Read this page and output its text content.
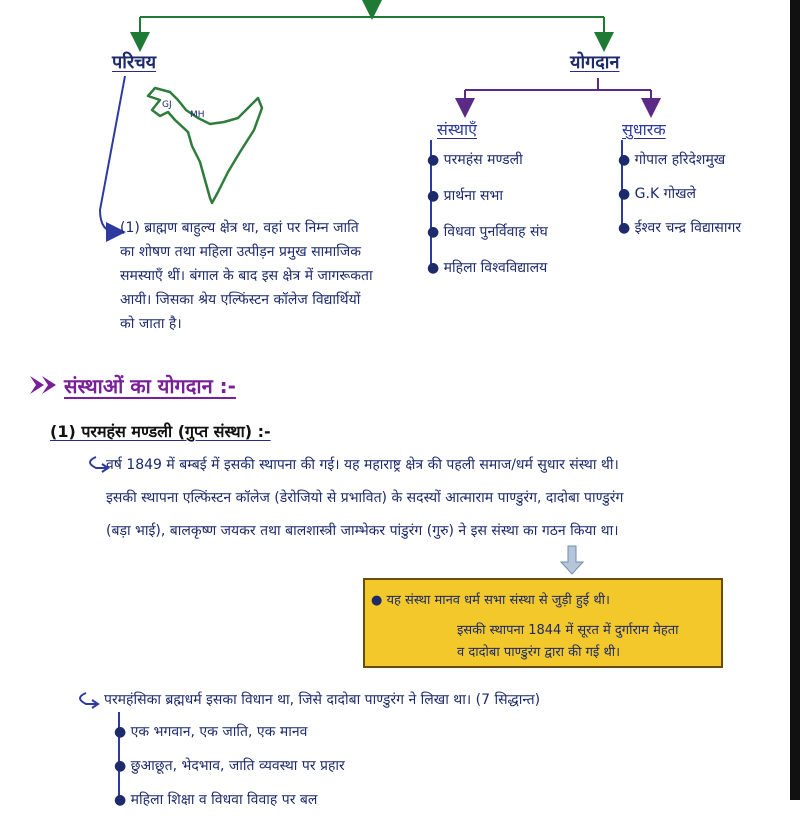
परिचय
GJ
MH
(1) ब्राह्मण बाहुल्य क्षेत्र था, वहां पर निम्न जाति
का शोषण तथा महिला उत्पीड़न प्रमुख सामाजिक
समस्याएँ थीं। बंगाल के बाद इस क्षेत्र में जागरूकता
आयी। जिसका श्रेय एल्फिंस्टन कॉलेज विद्यार्थियों
को जाता है।
योगदान
संस्थाएँ	सुधारक
● परमहंस मण्डली
● प्रार्थना सभा
● विधवा पुनर्विवाह संघ
● महिला विश्वविद्यालय
● गोपाल हरिदेशमुख
● G.K गोखले
● ईश्वर चन्द्र विद्यासागर
संस्थाओं का योगदान :-
(1) परमहंस मण्डली (गुप्त संस्था) :-
वर्ष 1849 में बम्बई में इसकी स्थापना की गई। यह महाराष्ट्र क्षेत्र की पहली समाज/धर्म सुधार संस्था थी।
इसकी स्थापना एल्फिंस्टन कॉलेज (डेरोजियो से प्रभावित) के सदस्यों आत्माराम पाण्डुरंग, दादोबा पाण्डुरंग
(बड़ा भाई), बालकृष्ण जयकर तथा बालशास्त्री जाम्भेकर पांडुरंग (गुरु) ने इस संस्था का गठन किया था।
● यह संस्था मानव धर्म सभा संस्था से जुड़ी हुई थी।
इसकी स्थापना 1844 में सूरत में दुर्गाराम मेहता
व दादोबा पाण्डुरंग द्वारा की गई थी।
परमहंसिका ब्रह्मधर्म इसका विधान था, जिसे दादोबा पाण्डुरंग ने लिखा था। (7 सिद्धान्त)
● एक भगवान, एक जाति, एक मानव
● छुआछूत, भेदभाव, जाति व्यवस्था पर प्रहार
● महिला शिक्षा व विधवा विवाह पर बल
